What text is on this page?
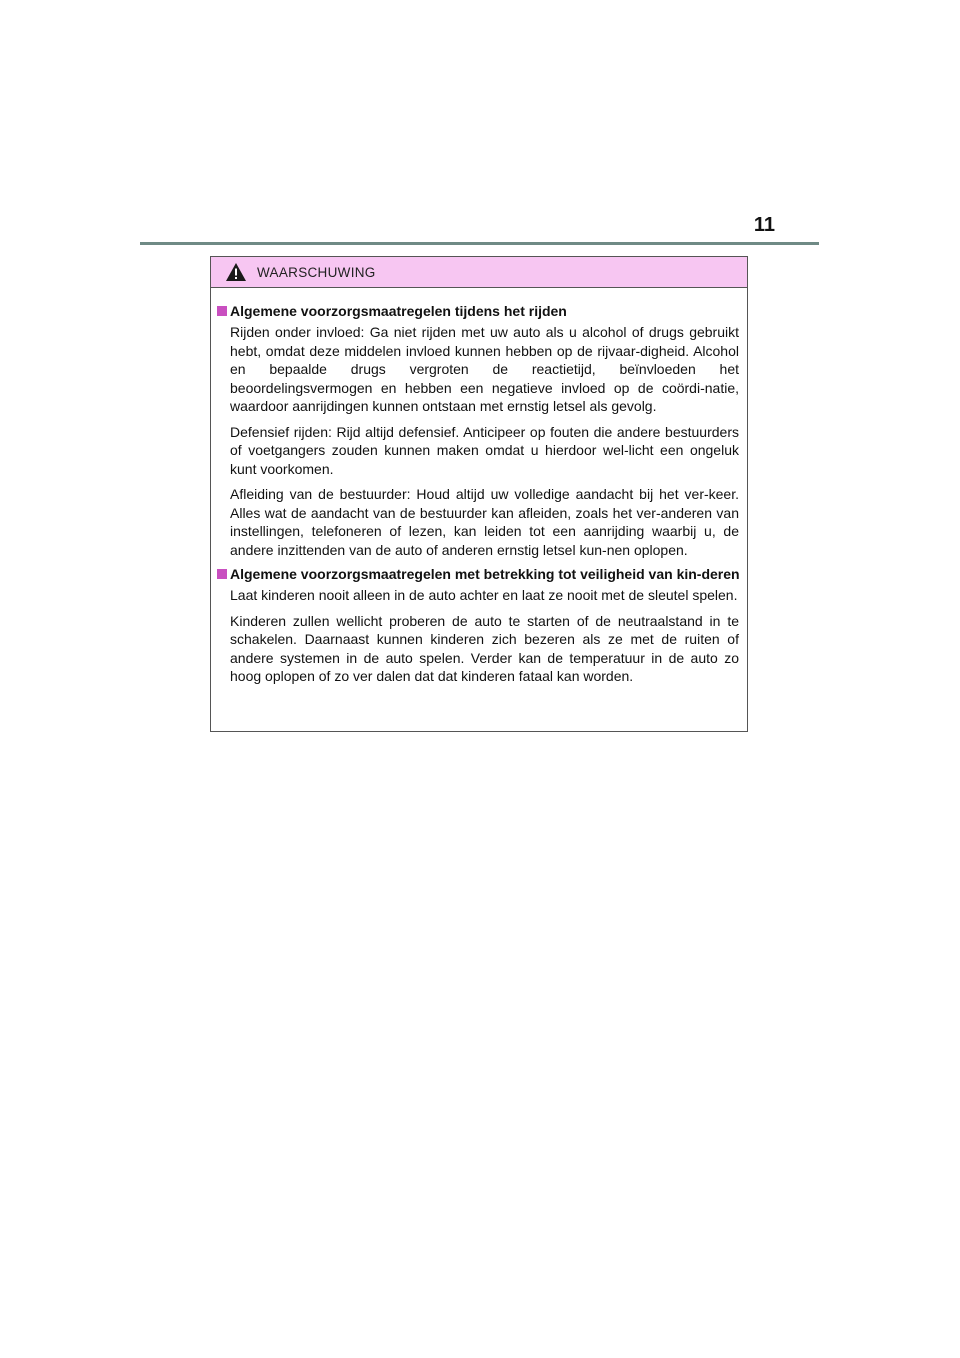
11
WAARSCHUWING
Algemene voorzorgsmaatregelen tijdens het rijden

Rijden onder invloed: Ga niet rijden met uw auto als u alcohol of drugs gebruikt hebt, omdat deze middelen invloed kunnen hebben op de rijvaar-digheid. Alcohol en bepaalde drugs vergroten de reactietijd, beïnvloeden het beoordelingsvermogen en hebben een negatieve invloed op de coördi-natie, waardoor aanrijdingen kunnen ontstaan met ernstig letsel als gevolg.

Defensief rijden: Rijd altijd defensief. Anticipeer op fouten die andere bestuurders of voetgangers zouden kunnen maken omdat u hierdoor wel-licht een ongeluk kunt voorkomen.

Afleiding van de bestuurder: Houd altijd uw volledige aandacht bij het ver-keer. Alles wat de aandacht van de bestuurder kan afleiden, zoals het ver-anderen van instellingen, telefoneren of lezen, kan leiden tot een aanrijding waarbij u, de andere inzittenden van de auto of anderen ernstig letsel kun-nen oplopen.

Algemene voorzorgsmaatregelen met betrekking tot veiligheid van kin-deren

Laat kinderen nooit alleen in de auto achter en laat ze nooit met de sleutel spelen.

Kinderen zullen wellicht proberen de auto te starten of de neutraalstand in te schakelen. Daarnaast kunnen kinderen zich bezeren als ze met de ruiten of andere systemen in de auto spelen. Verder kan de temperatuur in de auto zo hoog oplopen of zo ver dalen dat dat kinderen fataal kan worden.
